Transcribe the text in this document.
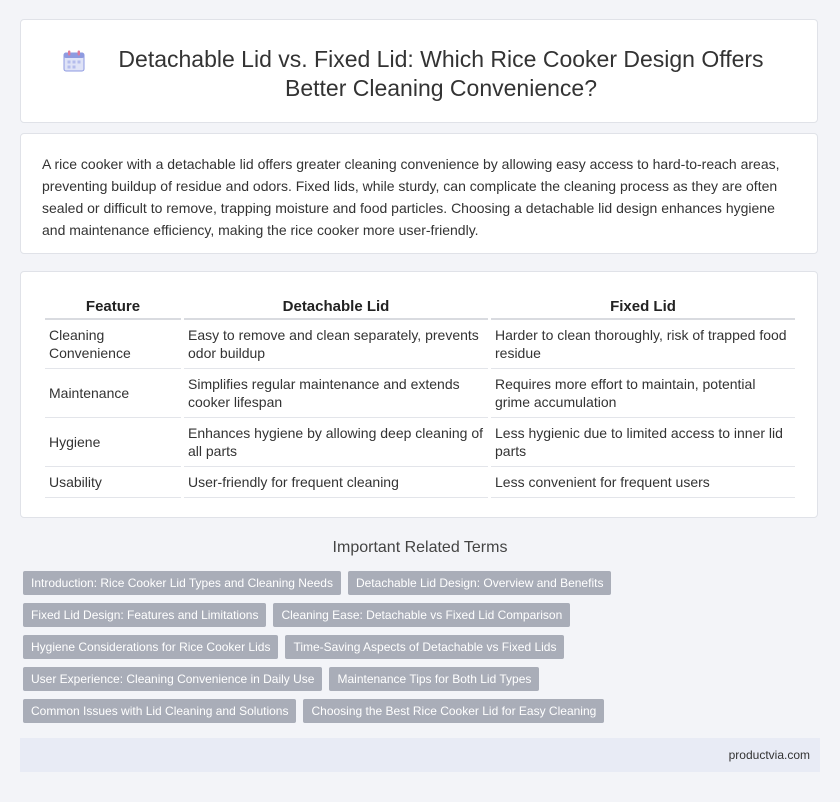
Detachable Lid vs. Fixed Lid: Which Rice Cooker Design Offers Better Cleaning Convenience?

A rice cooker with a detachable lid offers greater cleaning convenience by allowing easy access to hard-to-reach areas, preventing buildup of residue and odors. Fixed lids, while sturdy, can complicate the cleaning process as they are often sealed or difficult to remove, trapping moisture and food particles. Choosing a detachable lid design enhances hygiene and maintenance efficiency, making the rice cooker more user-friendly.

Feature	Detachable Lid	Fixed Lid
Cleaning Convenience	Easy to remove and clean separately, prevents odor buildup	Harder to clean thoroughly, risk of trapped food residue
Maintenance	Simplifies regular maintenance and extends cooker lifespan	Requires more effort to maintain, potential grime accumulation
Hygiene	Enhances hygiene by allowing deep cleaning of all parts	Less hygienic due to limited access to inner lid parts
Usability	User-friendly for frequent cleaning	Less convenient for frequent users
Important Related Terms
Introduction: Rice Cooker Lid Types and Cleaning Needs	Detachable Lid Design: Overview and Benefits
Fixed Lid Design: Features and Limitations	Cleaning Ease: Detachable vs Fixed Lid Comparison
Hygiene Considerations for Rice Cooker Lids	Time-Saving Aspects of Detachable vs Fixed Lids
User Experience: Cleaning Convenience in Daily Use	Maintenance Tips for Both Lid Types
Common Issues with Lid Cleaning and Solutions	Choosing the Best Rice Cooker Lid for Easy Cleaning
productvia.com
